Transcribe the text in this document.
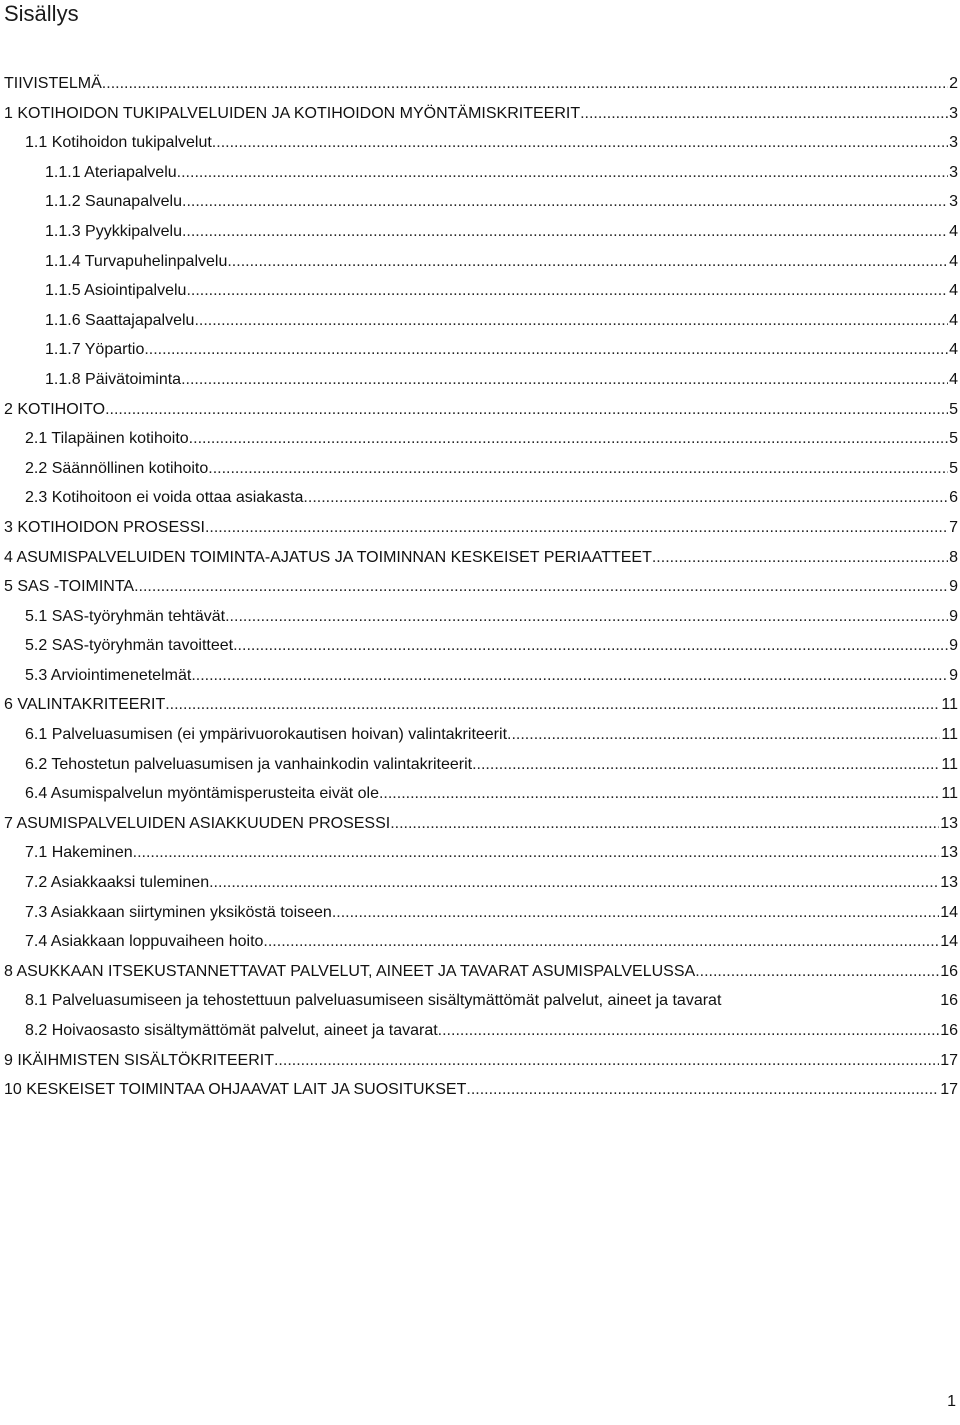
Sisällys
TIIVISTELMÄ .....	2
1 KOTIHOIDON TUKIPALVELUIDEN JA KOTIHOIDON MYÖNTÄMISKRITEERIT .....	3
1.1 Kotihoidon tukipalvelut .....	3
1.1.1 Ateriapalvelu .....	3
1.1.2 Saunapalvelu .....	3
1.1.3 Pyykkipalvelu .....	4
1.1.4 Turvapuhelinpalvelu .....	4
1.1.5 Asiointipalvelu .....	4
1.1.6 Saattajapalvelu .....	4
1.1.7 Yöpartio .....	4
1.1.8 Päivätoiminta .....	4
2 KOTIHOITO .....	5
2.1 Tilapäinen kotihoito .....	5
2.2 Säännöllinen kotihoito .....	5
2.3 Kotihoitoon ei voida ottaa asiakasta .....	6
3 KOTIHOIDON PROSESSI .....	7
4 ASUMISPALVELUIDEN TOIMINTA-AJATUS JA TOIMINNAN KESKEISET PERIAATTEET .....	8
5 SAS -TOIMINTA .....	9
5.1 SAS-työryhmän tehtävät .....	9
5.2 SAS-työryhmän tavoitteet .....	9
5.3 Arviointimenetelmät .....	9
6 VALINTAKRITEERIT .....	11
6.1 Palveluasumisen (ei ympärivuorokautisen hoivan) valintakriteerit .....	11
6.2 Tehostetun palveluasumisen ja vanhainkodin valintakriteerit .....	11
6.4 Asumispalvelun myöntämisperusteita eivät ole .....	11
7 ASUMISPALVELUIDEN ASIAKKUUDEN PROSESSI .....	13
7.1 Hakeminen .....	13
7.2 Asiakkaaksi tuleminen .....	13
7.3 Asiakkaan siirtyminen yksiköstä toiseen .....	14
7.4 Asiakkaan loppuvaiheen hoito .....	14
8 ASUKKAAN ITSEKUSTANNETTAVAT PALVELUT, AINEET JA TAVARAT ASUMISPALVELUSSA .....	16
8.1 Palveluasumiseen ja tehostettuun palveluasumiseen sisältymättömät palvelut, aineet ja tavarat	16
8.2 Hoivaosasto sisältymättömät palvelut, aineet ja tavarat .....	16
9 IKÄIHMISTEN SISÄLTÖKRITEERIT .....	17
10 KESKEISET TOIMINTAA OHJAAVAT LAIT JA SUOSITUKSET .....	17
1
